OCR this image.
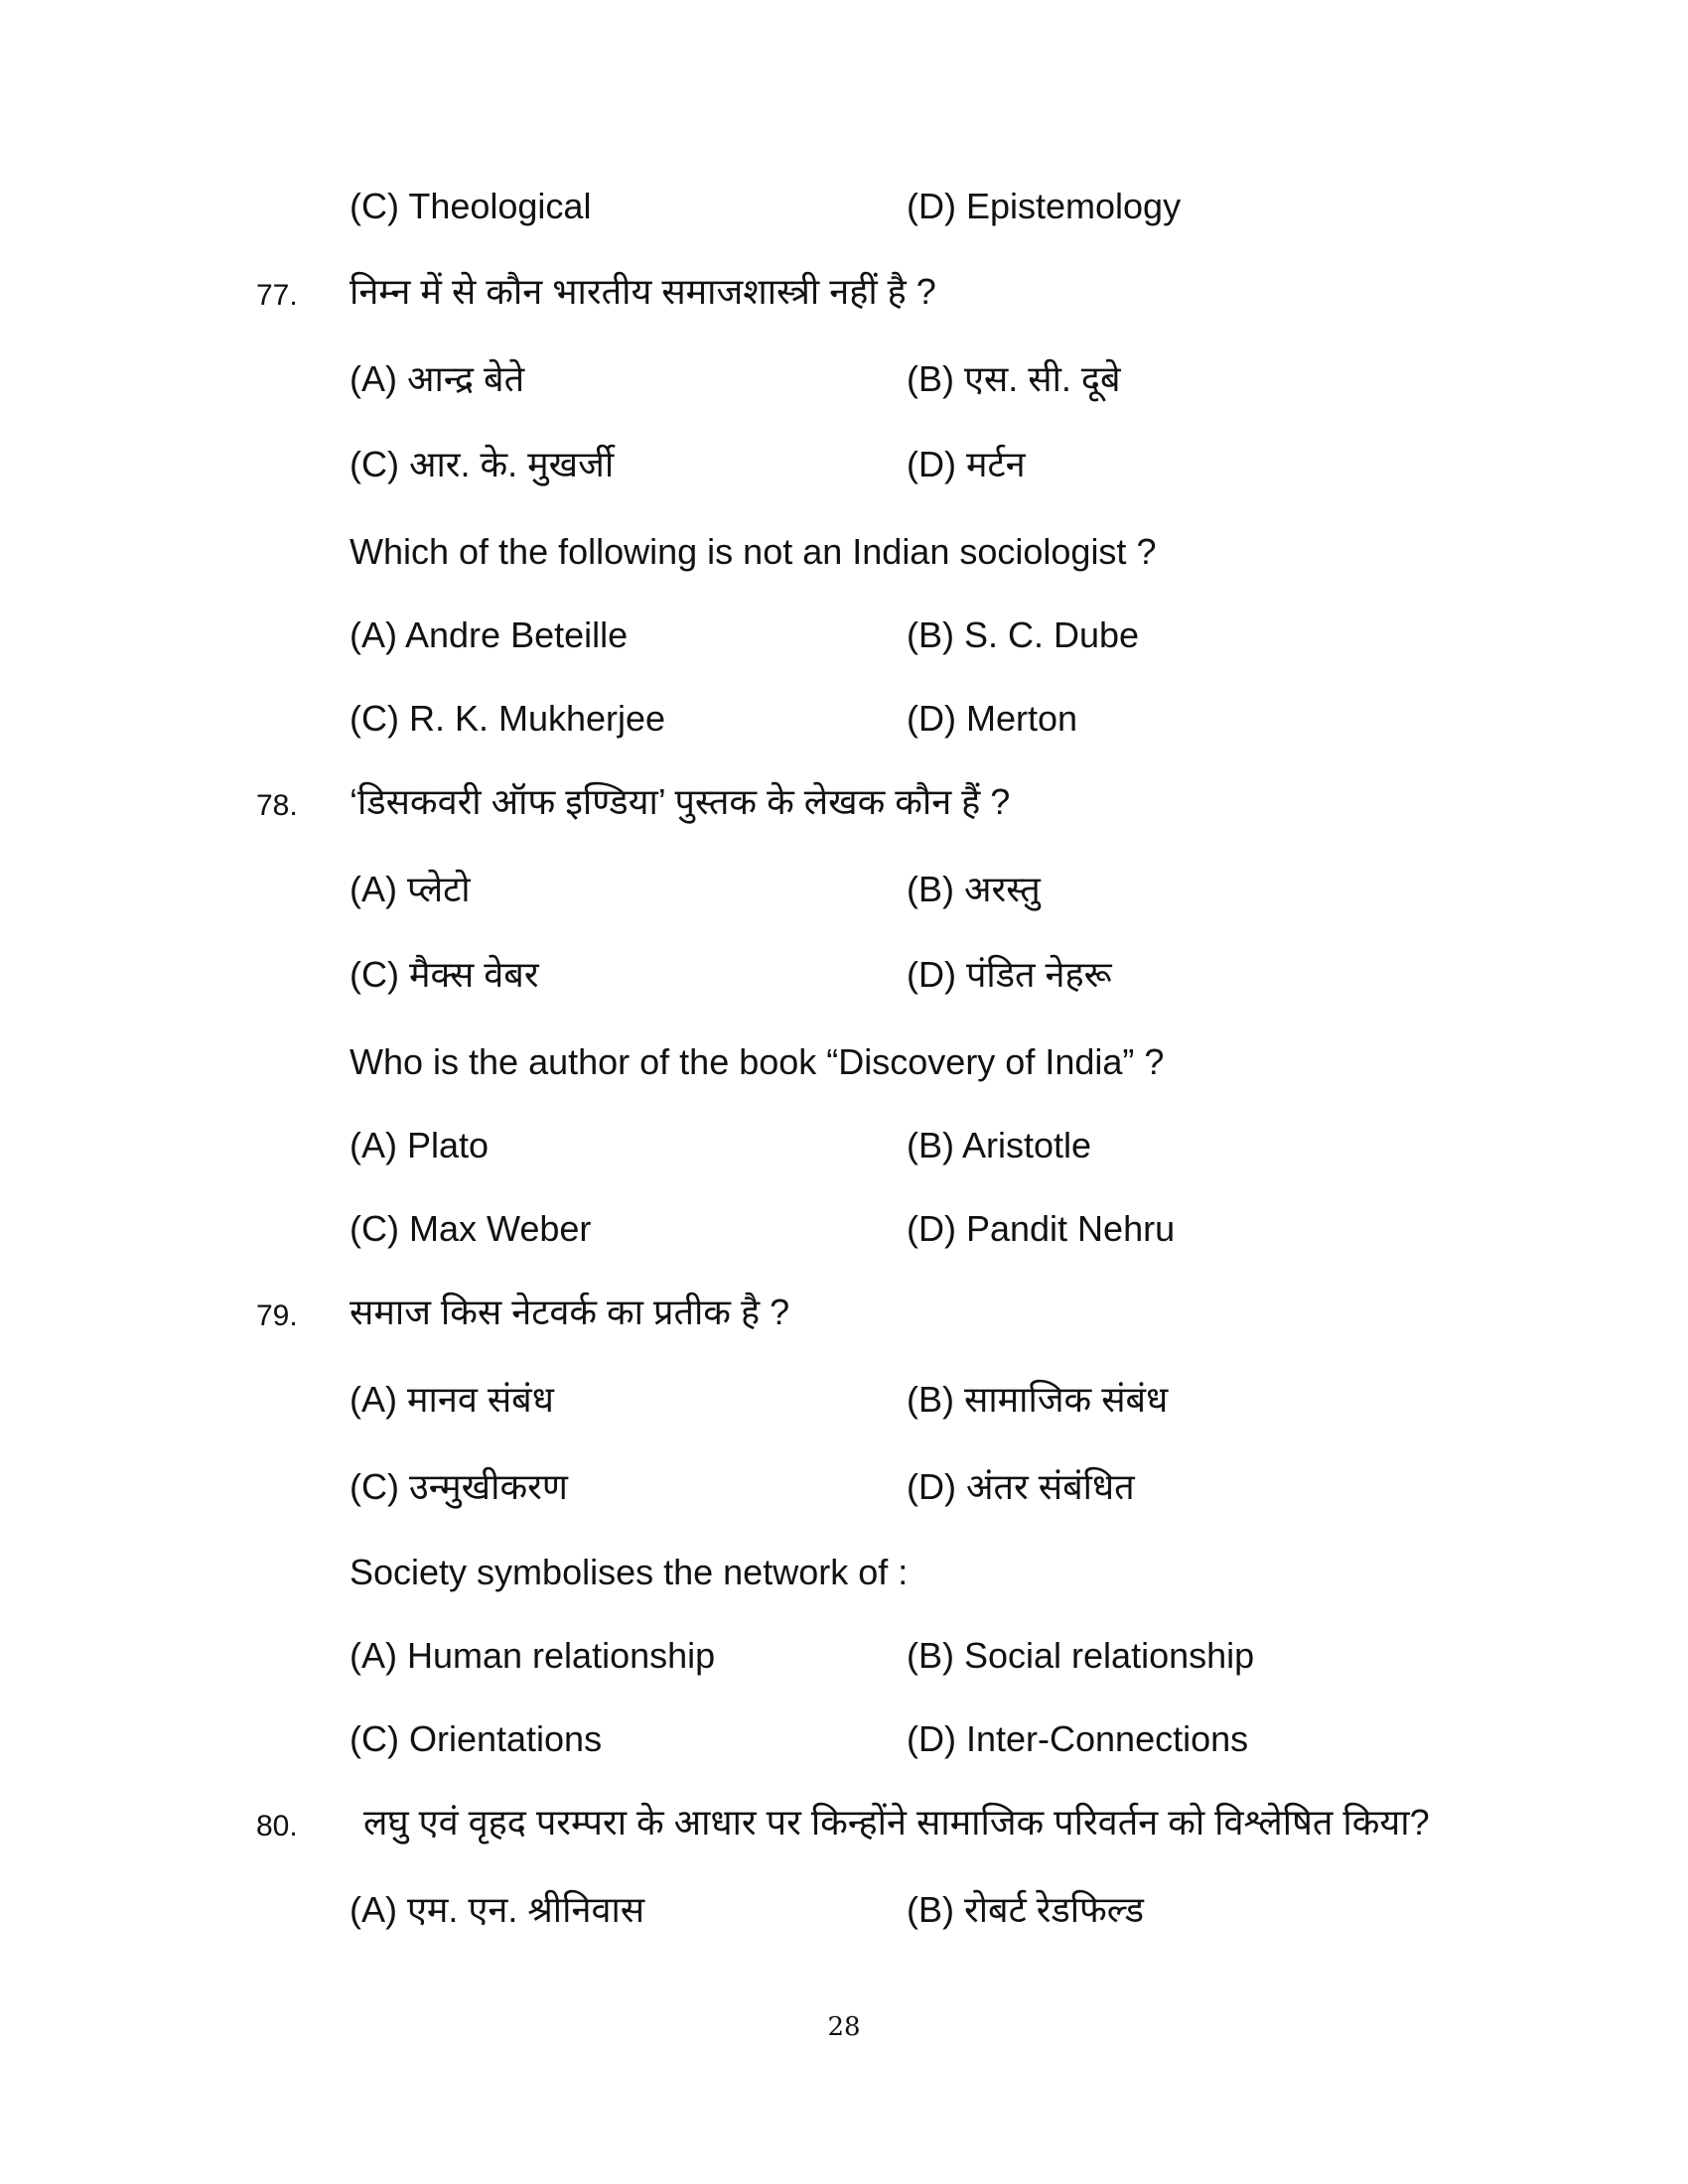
(C) Theological	(D) Epistemology
77. निम्न में से कौन भारतीय समाजशास्त्री नहीं है ?
(A) आन्द्र बेते	(B) एस. सी. दूबे
(C) आर. के. मुखर्जी	(D) मर्टन
Which of the following is not an Indian sociologist ?
(A) Andre Beteille	(B) S. C. Dube
(C) R. K. Mukherjee	(D) Merton
78. ‘डिसकवरी ऑफ इण्डिया’ पुस्तक के लेखक कौन हैं ?
(A) प्लेटो	(B) अरस्तु
(C) मैक्स वेबर	(D) पंडित नेहरू
Who is the author of the book “Discovery of India” ?
(A) Plato	(B) Aristotle
(C) Max Weber	(D) Pandit Nehru
79. समाज किस नेटवर्क का प्रतीक है ?
(A) मानव संबंध	(B) सामाजिक संबंध
(C) उन्मुखीकरण	(D) अंतर संबंधित
Society symbolises the network of :
(A) Human relationship	(B) Social relationship
(C) Orientations	(D) Inter-Connections
80. लघु एवं वृहद परम्परा के आधार पर किन्होंने सामाजिक परिवर्तन को विश्लेषित किया?
(A) एम. एन. श्रीनिवास	(B) रोबर्ट रेडफिल्ड
28
